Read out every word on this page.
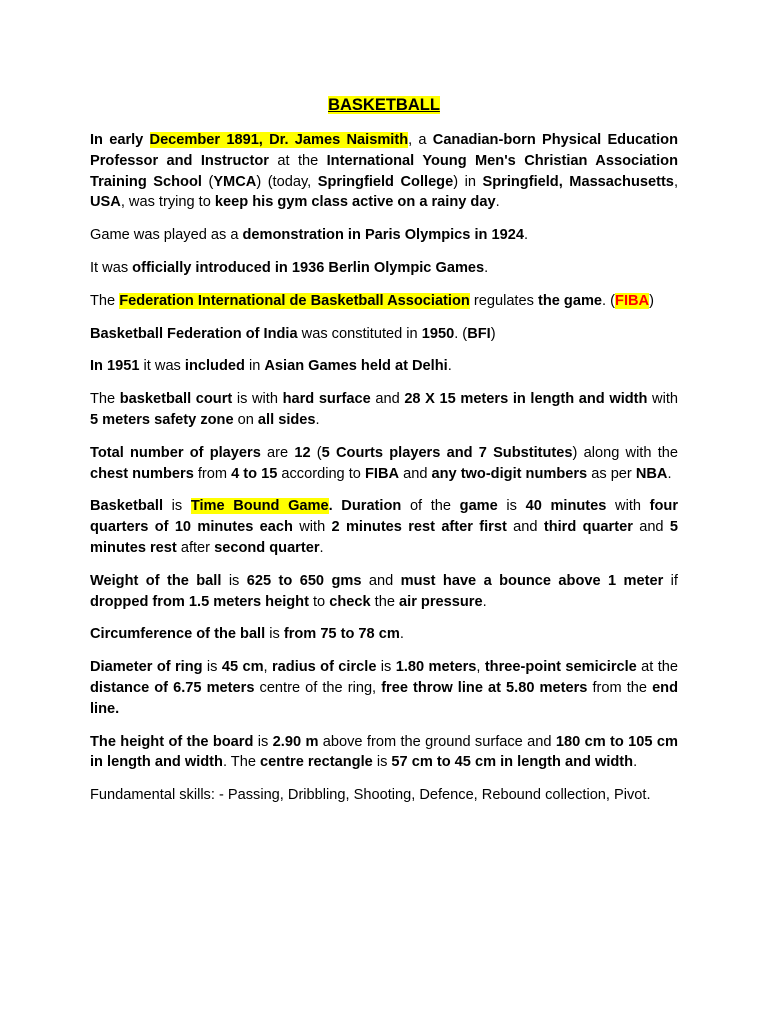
BASKETBALL

In early December 1891, Dr. James Naismith, a Canadian-born Physical Education Professor and Instructor at the International Young Men's Christian Association Training School (YMCA) (today, Springfield College) in Springfield, Massachusetts, USA, was trying to keep his gym class active on a rainy day.

Game was played as a demonstration in Paris Olympics in 1924.

It was officially introduced in 1936 Berlin Olympic Games.

The Federation International de Basketball Association regulates the game. (FIBA)

Basketball Federation of India was constituted in 1950. (BFI)

In 1951 it was included in Asian Games held at Delhi.

The basketball court is with hard surface and 28 X 15 meters in length and width with 5 meters safety zone on all sides.

Total number of players are 12 (5 Courts players and 7 Substitutes) along with the chest numbers from 4 to 15 according to FIBA and any two-digit numbers as per NBA.

Basketball is Time Bound Game. Duration of the game is 40 minutes with four quarters of 10 minutes each with 2 minutes rest after first and third quarter and 5 minutes rest after second quarter.

Weight of the ball is 625 to 650 gms and must have a bounce above 1 meter if dropped from 1.5 meters height to check the air pressure.

Circumference of the ball is from 75 to 78 cm.

Diameter of ring is 45 cm, radius of circle is 1.80 meters, three-point semicircle at the distance of 6.75 meters centre of the ring, free throw line at 5.80 meters from the end line.

The height of the board is 2.90 m above from the ground surface and 180 cm to 105 cm in length and width. The centre rectangle is 57 cm to 45 cm in length and width.

Fundamental skills: - Passing, Dribbling, Shooting, Defence, Rebound collection, Pivot.
